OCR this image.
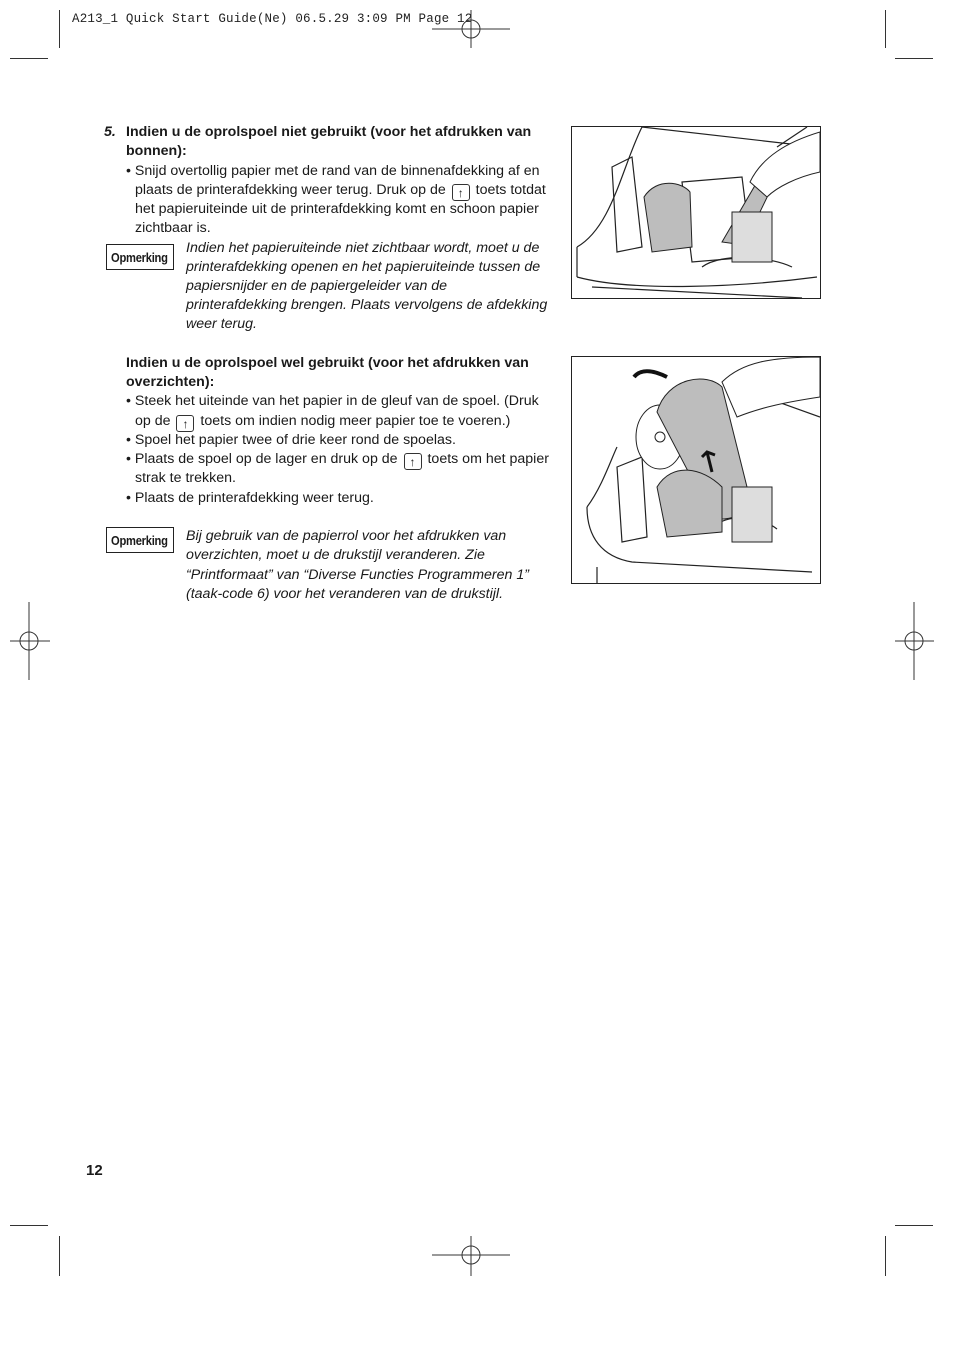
A213_1 Quick Start Guide(Ne) 06.5.29 3:09 PM Page 12
5. Indien u de oprolspoel niet gebruikt (voor het afdrukken van
bonnen):
• Snijd overtollig papier met de rand van de binnenafdekking af en
plaats de printerafdekking weer terug. Druk op de ↑ toets totdat
het papieruiteinde uit de printerafdekking komt en schoon papier
zichtbaar is.
Opmerking
Indien het papieruiteinde niet zichtbaar wordt, moet u de
printerafdekking openen en het papieruiteinde tussen de
papiersnijder en de papiergeleider van de
printerafdekking brengen. Plaats vervolgens de afdekking
weer terug.
Indien u de oprolspoel wel gebruikt (voor het afdrukken van
overzichten):
• Steek het uiteinde van het papier in de gleuf van de spoel. (Druk
op de ↑ toets om indien nodig meer papier toe te voeren.)
• Spoel het papier twee of drie keer rond de spoelas.
• Plaats de spoel op de lager en druk op de ↑ toets om het papier
strak te trekken.
• Plaats de printerafdekking weer terug.
Opmerking Bij gebruik van de papierrol voor het afdrukken van
overzichten, moet u de drukstijl veranderen. Zie
“Printformaat” van “Diverse Functies Programmeren 1”
(taak-code 6) voor het veranderen van de drukstijl.
12
